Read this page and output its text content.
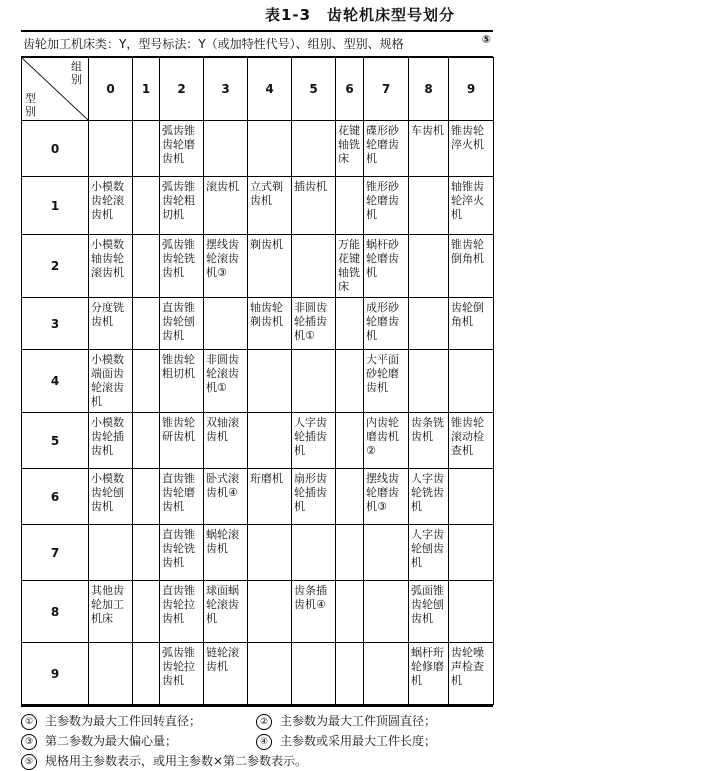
表1-3　齿轮机床型号划分
齿轮加工机床类：Y，型号标法：Y（或加特性代号）、组别、型别、规格	⑤
组别
型别	0	1	2	3	4	5	6	7	8	9
0			弧齿锥齿轮磨齿机				花键轴铣床	碟形砂轮磨齿机	车齿机	锥齿轮淬火机
1	小模数齿轮滚齿机		弧齿锥齿轮粗切机	滚齿机	立式剃齿机	插齿机		锥形砂轮磨齿机		轴锥齿轮淬火机
2	小模数轴齿轮滚齿机		弧齿锥齿轮铣齿机	摆线齿轮滚齿机③	剃齿机		万能花键轴铣床	蜗杆砂轮磨齿机		锥齿轮倒角机
3	分度铣齿机		直齿锥齿轮刨齿机		轴齿轮剃齿机	非圆齿轮插齿机①		成形砂轮磨齿机		齿轮倒角机
4	小模数端面齿轮滚齿机		锥齿轮粗切机	非圆齿轮滚齿机①				大平面砂轮磨齿机		
5	小模数齿轮插齿机		锥齿轮研齿机	双轴滚齿机		人字齿轮插齿机		内齿轮磨齿机②	齿条铣齿机	锥齿轮滚动检查机
6	小模数齿轮刨齿机		直齿锥齿轮磨齿机	卧式滚齿机④	珩磨机	扇形齿轮插齿机		摆线齿轮磨齿机③	人字齿轮铣齿机	
7			直齿锥齿轮铣齿机	蜗轮滚齿机					人字齿轮刨齿机	
8	其他齿轮加工机床		直齿锥齿轮拉齿机	球面蜗轮滚齿机		齿条插齿机④			弧面锥齿轮刨齿机	
9			弧齿锥齿轮拉齿机	链轮滚齿机					蜗杆珩轮修磨机	齿轮噪声检查机
① 主参数为最大工件回转直径；	② 主参数为最大工件顶圆直径；
③ 第二参数为最大偏心量；	④ 主参数或采用最大工件长度；
⑤ 规格用主参数表示，或用主参数×第二参数表示。
